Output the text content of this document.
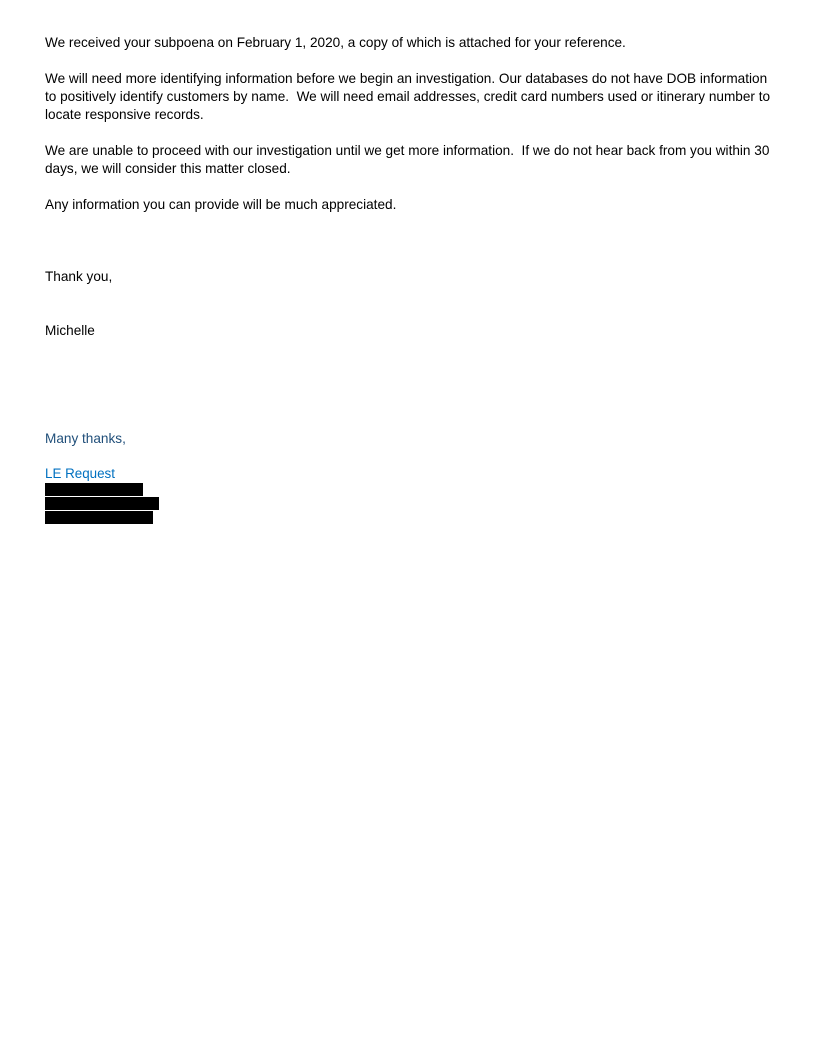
We received your subpoena on February 1, 2020, a copy of which is attached for your reference.

We will need more identifying information before we begin an investigation. Our databases do not have DOB information to positively identify customers by name.  We will need email addresses, credit card numbers used or itinerary number to locate responsive records.

We are unable to proceed with our investigation until we get more information.  If we do not hear back from you within 30 days, we will consider this matter closed.

Any information you can provide will be much appreciated.

Thank you,

Michelle

Many thanks,

LE Request
